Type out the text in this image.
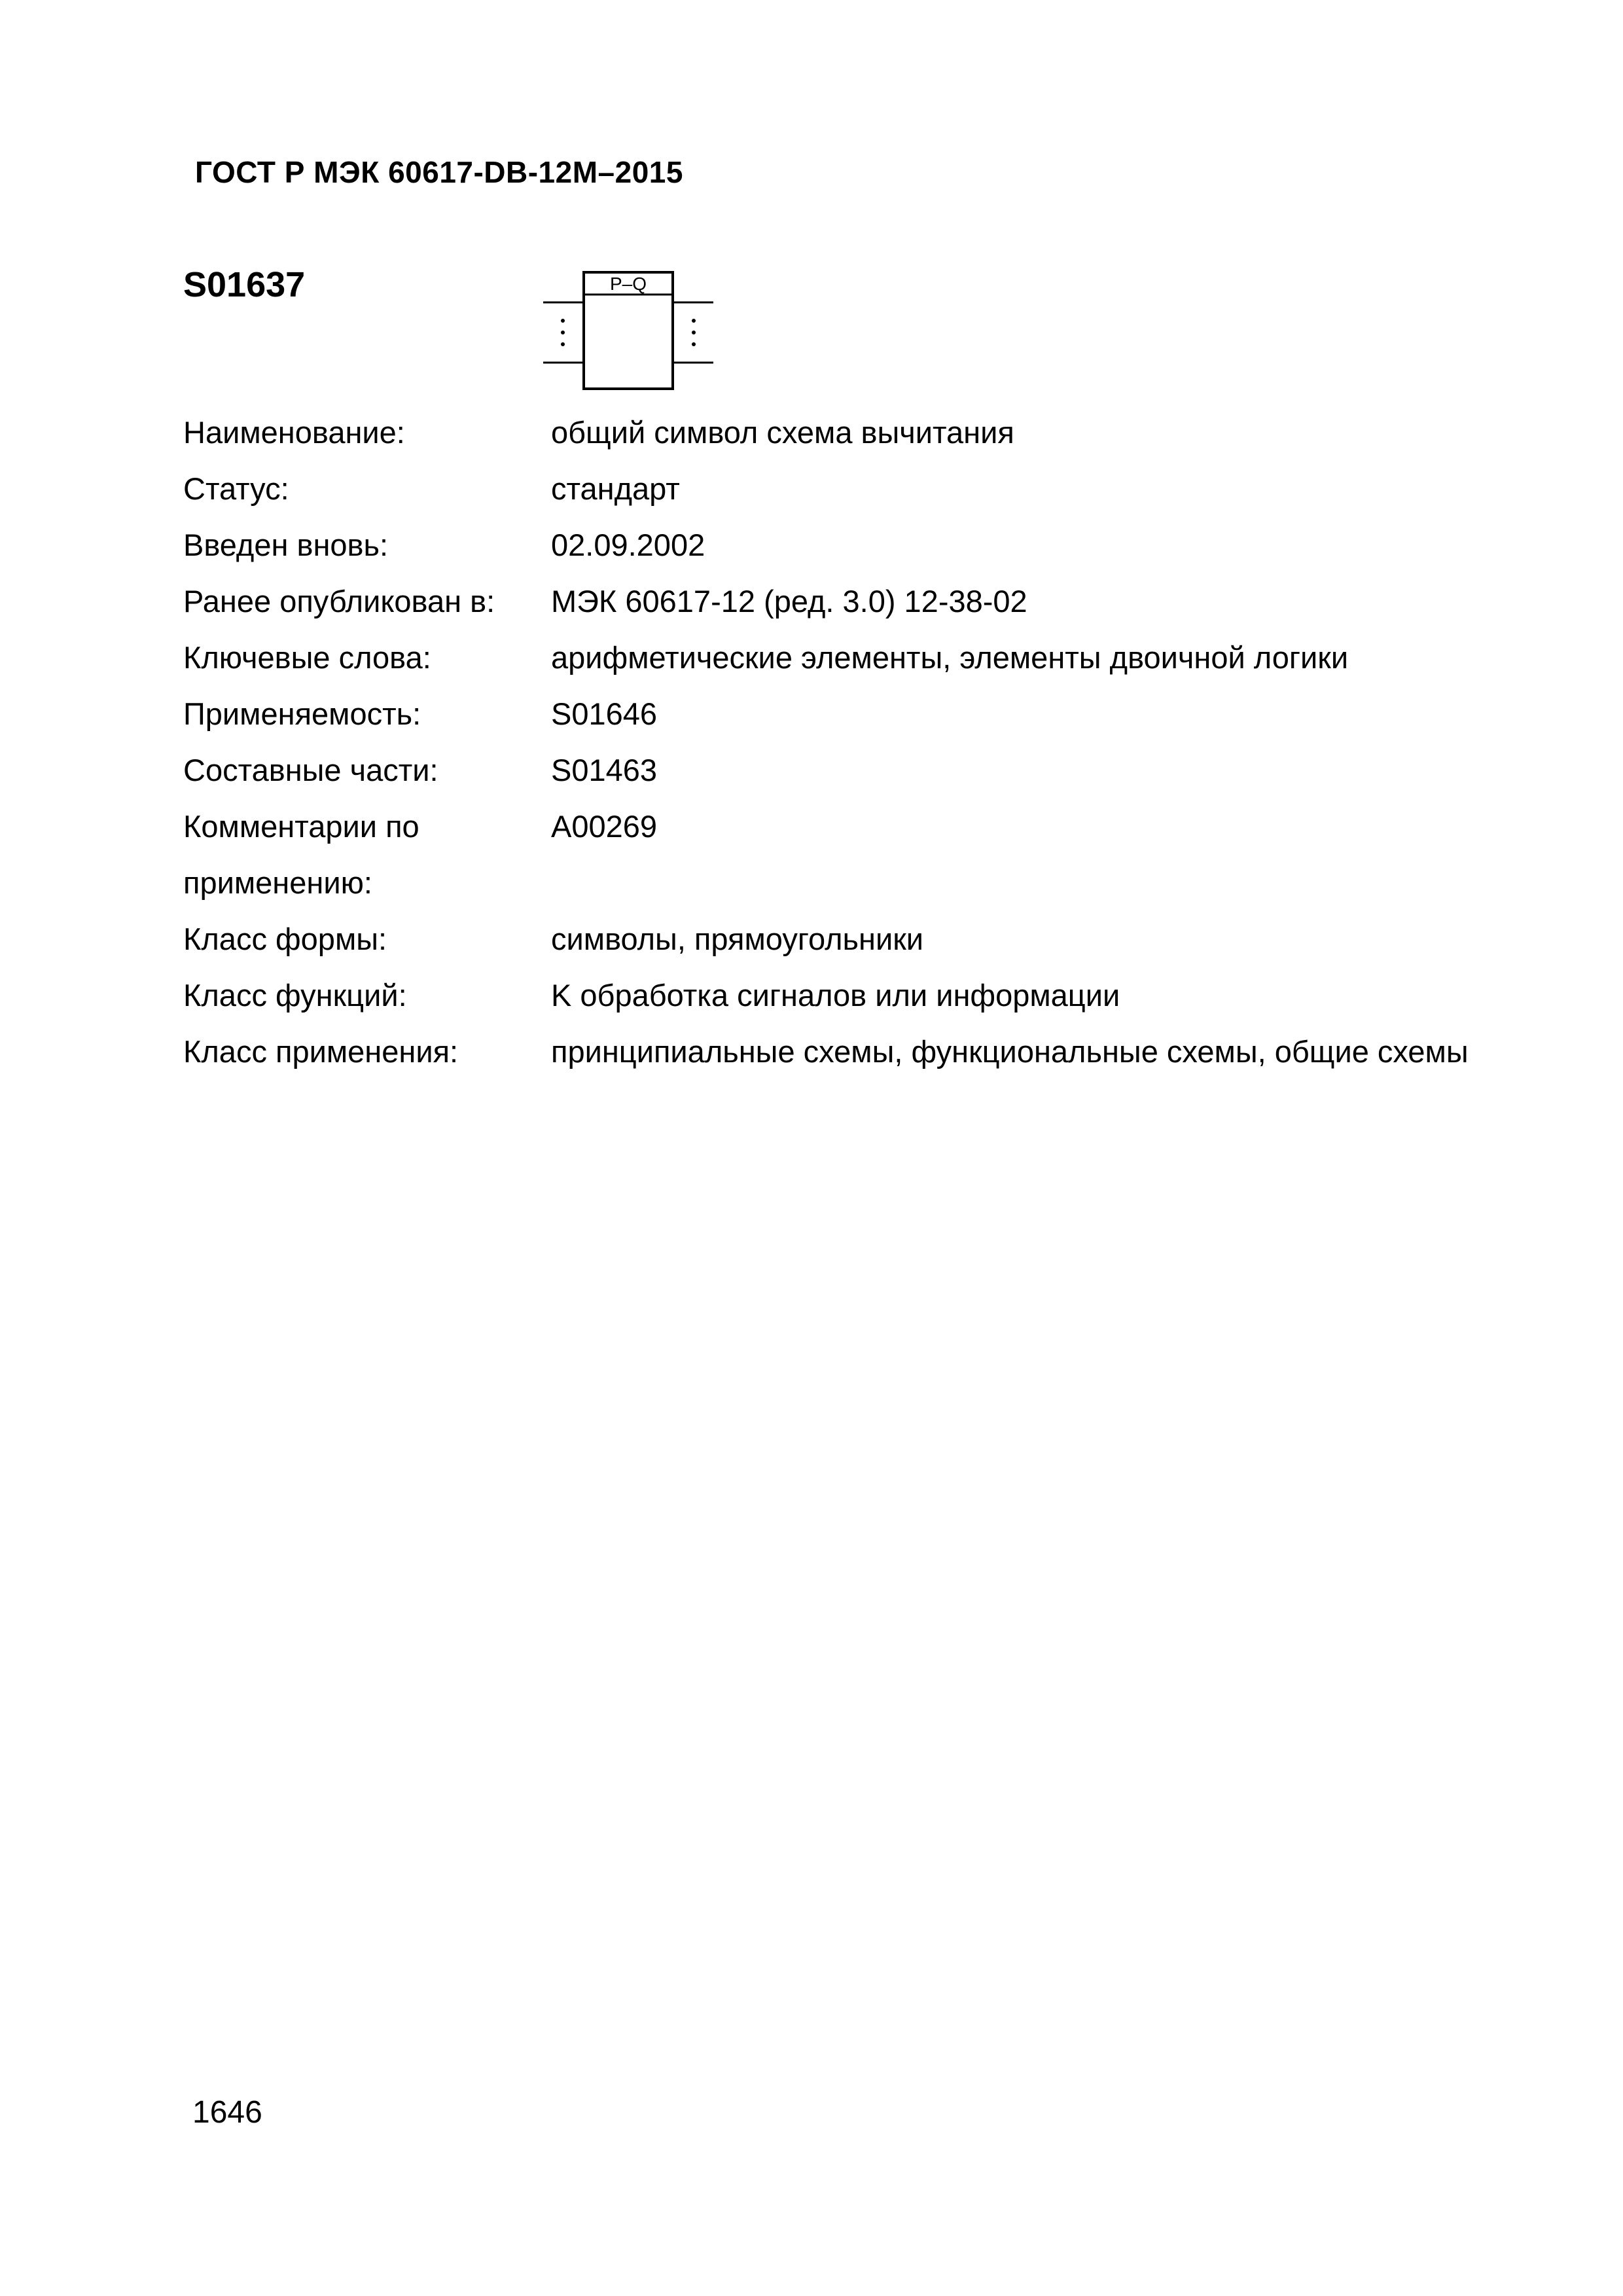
ГОСТ Р МЭК 60617-DB-12M–2015
S01637	P–Q
Наименование:	общий символ схема вычитания
Статус:	стандарт
Введен вновь:	02.09.2002
Ранее опубликован в:	МЭК 60617-12 (ред. 3.0) 12-38-02
Ключевые слова:	арифметические элементы, элементы двоичной логики
Применяемость:	S01646
Составные части:	S01463
Комментарии по	A00269
применению:
Класс формы:	символы, прямоугольники
Класс функций:	K обработка сигналов или информации
Класс применения:	принципиальные схемы, функциональные схемы, общие схемы
1646
